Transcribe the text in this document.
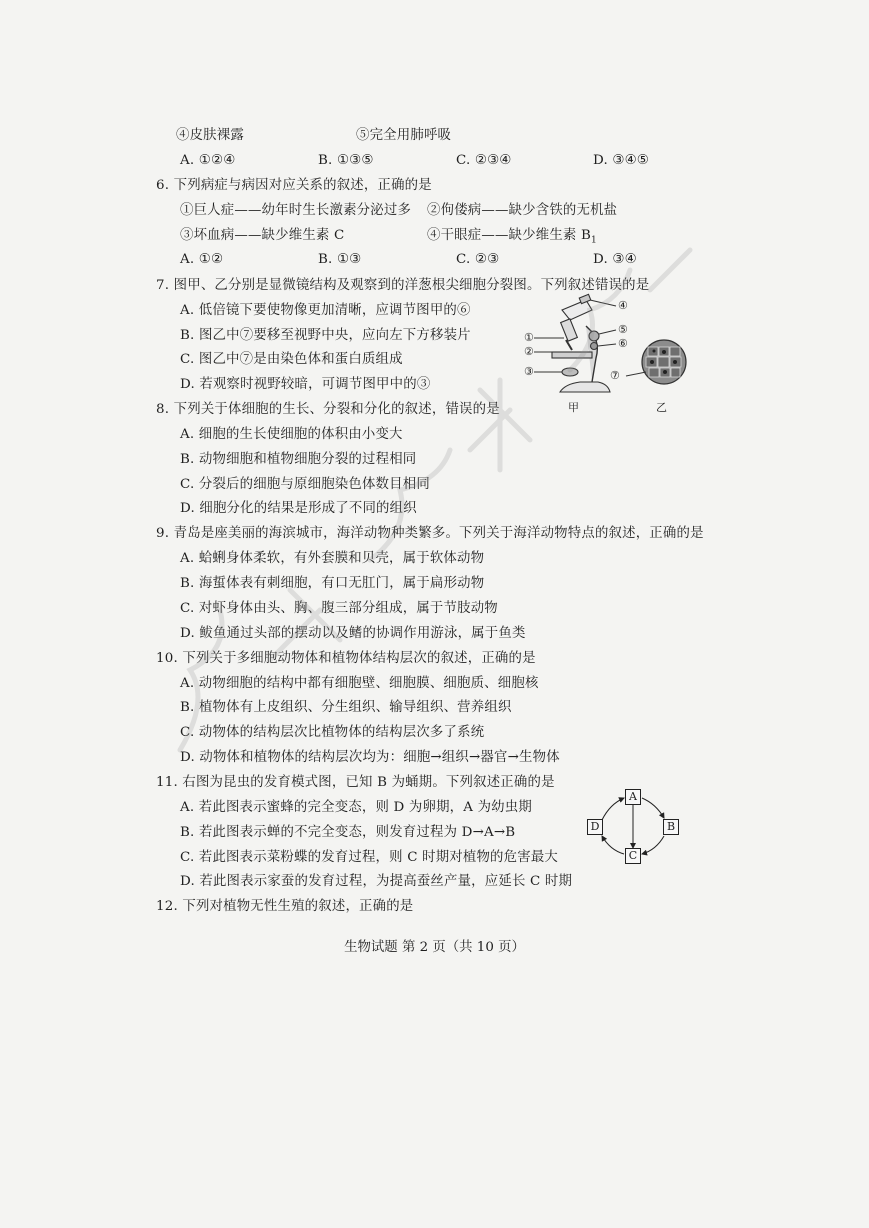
④皮肤裸露	⑤完全用肺呼吸
A. ①②④	B. ①③⑤	C. ②③④	D. ③④⑤
6. 下列病症与病因对应关系的叙述，正确的是
①巨人症——幼年时生长激素分泌过多 ②佝偻病——缺少含铁的无机盐
③坏血病——缺少维生素 C	④干眼症——缺少维生素 $B_1$
A. ①②	B. ①③	C. ②③	D. ③④
7. 图甲、乙分别是显微镜结构及观察到的洋葱根尖细胞分裂图。下列叙述错误的是
A. 低倍镜下要使物像更加清晰，应调节图甲的⑥
B. 图乙中⑦要移至视野中央，应向左下方移装片
C. 图乙中⑦是由染色体和蛋白质组成
D. 若观察时视野较暗，可调节图甲中的③
①
②
③
④
⑤
⑥
甲
⑦
乙
8. 下列关于体细胞的生长、分裂和分化的叙述，错误的是
A. 细胞的生长使细胞的体积由小变大
B. 动物细胞和植物细胞分裂的过程相同
C. 分裂后的细胞与原细胞染色体数目相同
D. 细胞分化的结果是形成了不同的组织
9. 青岛是座美丽的海滨城市，海洋动物种类繁多。下列关于海洋动物特点的叙述，正确的是
A. 蛤蜊身体柔软，有外套膜和贝壳，属于软体动物
B. 海蜇体表有刺细胞，有口无肛门，属于扁形动物
C. 对虾身体由头、胸、腹三部分组成，属于节肢动物
D. 鲅鱼通过头部的摆动以及鳍的协调作用游泳，属于鱼类
10. 下列关于多细胞动物体和植物体结构层次的叙述，正确的是
A. 动物细胞的结构中都有细胞壁、细胞膜、细胞质、细胞核
B. 植物体有上皮组织、分生组织、输导组织、营养组织
C. 动物体的结构层次比植物体的结构层次多了系统
D. 动物体和植物体的结构层次均为：细胞→组织→器官→生物体
11. 右图为昆虫的发育模式图，已知 B 为蛹期。下列叙述正确的是
A. 若此图表示蜜蜂的完全变态，则 D 为卵期，A 为幼虫期
B. 若此图表示蝉的不完全变态，则发育过程为 D→A→B
C. 若此图表示菜粉蝶的发育过程，则 C 时期对植物的危害最大
D. 若此图表示家蚕的发育过程，为提高蚕丝产量，应延长 C 时期
A
B
C
D
12. 下列对植物无性生殖的叙述，正确的是
生物试题 第 2 页（共 10 页）
